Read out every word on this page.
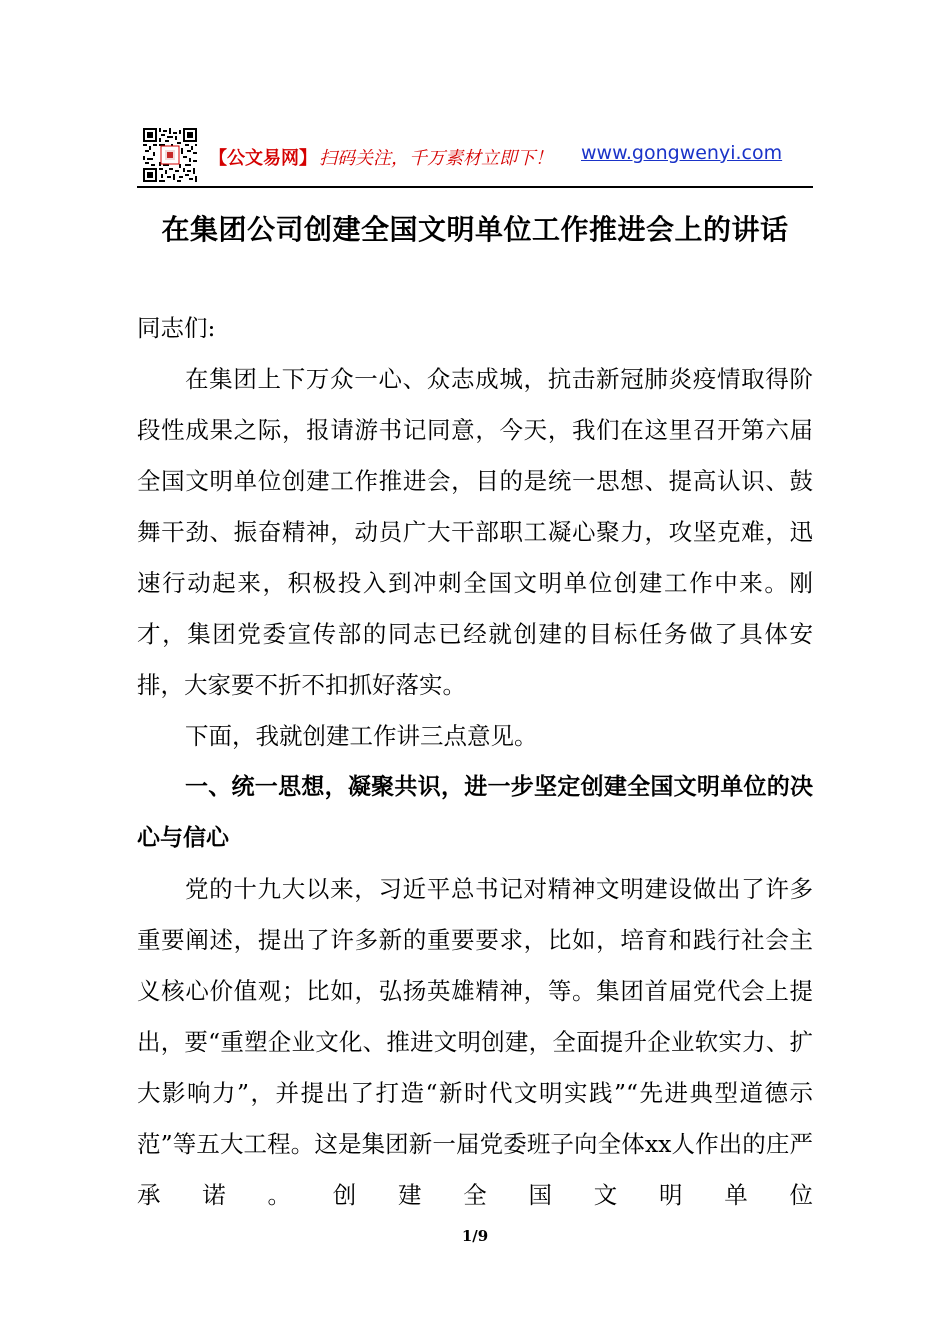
【公文易网】 扫码关注，千万素材立即下！ www.gongwenyi.com
在集团公司创建全国文明单位工作推进会上的讲话
同志们:
在集团上下万众一心、众志成城，抗击新冠肺炎疫情取得阶段性成果之际，报请游书记同意，今天，我们在这里召开第六届全国文明单位创建工作推进会，目的是统一思想、提高认识、鼓舞干劲、振奋精神，动员广大干部职工凝心聚力，攻坚克难，迅速行动起来，积极投入到冲刺全国文明单位创建工作中来。刚才，集团党委宣传部的同志已经就创建的目标任务做了具体安排，大家要不折不扣抓好落实。
下面，我就创建工作讲三点意见。
一、统一思想，凝聚共识，进一步坚定创建全国文明单位的决心与信心
党的十九大以来，习近平总书记对精神文明建设做出了许多重要阐述，提出了许多新的重要要求，比如，培育和践行社会主义核心价值观；比如，弘扬英雄精神，等。集团首届党代会上提出，要“重塑企业文化、推进文明创建，全面提升企业软实力、扩大影响力”，并提出了打造“新时代文明实践”“先进典型道德示范”等五大工程。这是集团新一届党委班子向全体xx人作出的庄严承诺。创建全国文明单位
1/9
